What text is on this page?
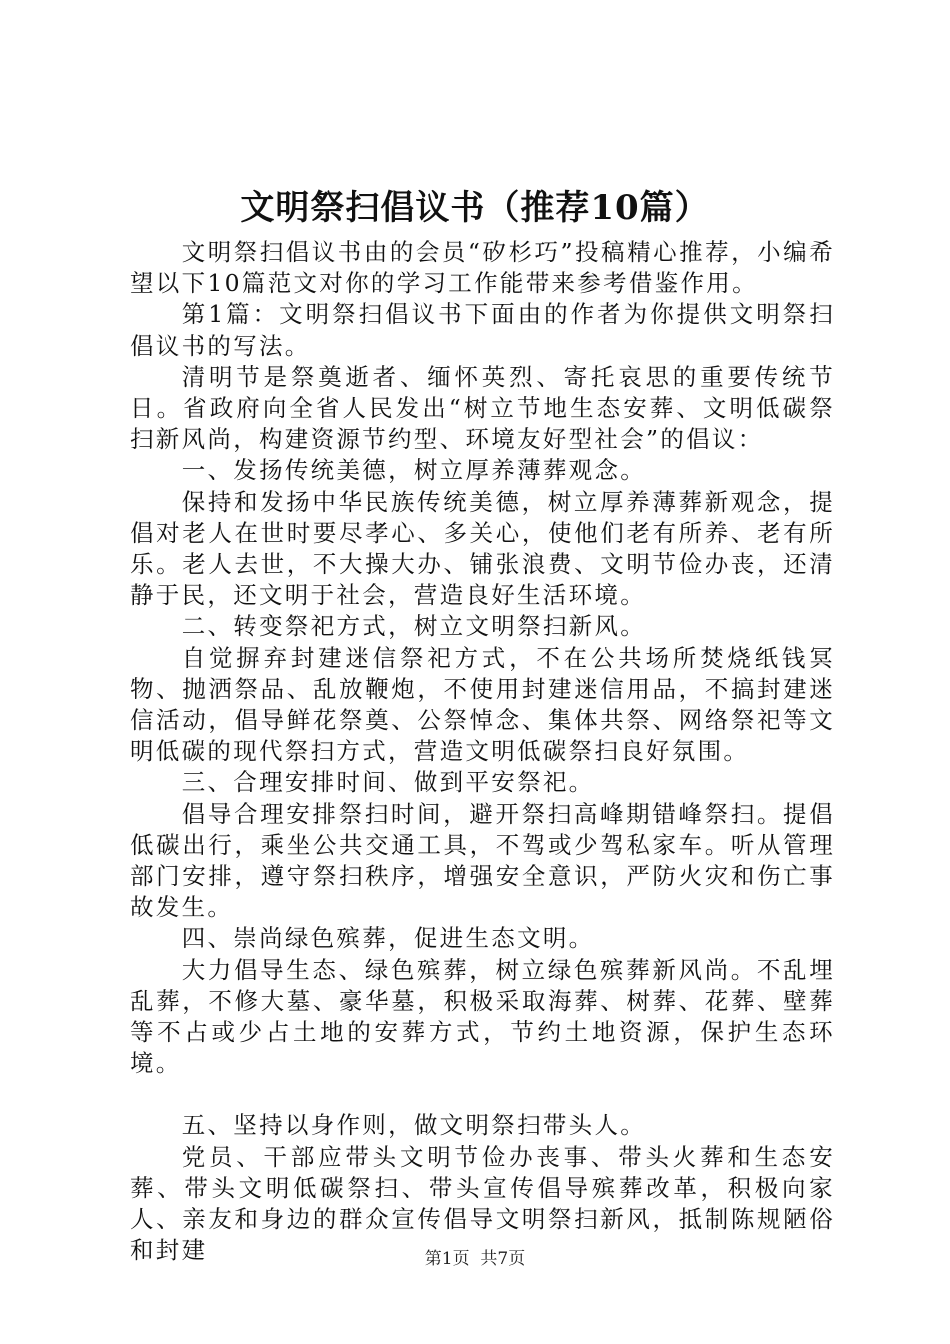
文明祭扫倡议书（推荐10篇）

文明祭扫倡议书由的会员“矽杉巧”投稿精心推荐，小编希望以下10篇范文对你的学习工作能带来参考借鉴作用。

第1篇：文明祭扫倡议书下面由的作者为你提供文明祭扫倡议书的写法。

清明节是祭奠逝者、缅怀英烈、寄托哀思的重要传统节日。省政府向全省人民发出“树立节地生态安葬、文明低碳祭扫新风尚，构建资源节约型、环境友好型社会”的倡议：

一、发扬传统美德，树立厚养薄葬观念。

保持和发扬中华民族传统美德，树立厚养薄葬新观念，提倡对老人在世时要尽孝心、多关心，使他们老有所养、老有所乐。老人去世，不大操大办、铺张浪费、文明节俭办丧，还清静于民，还文明于社会，营造良好生活环境。

二、转变祭祀方式，树立文明祭扫新风。

自觉摒弃封建迷信祭祀方式，不在公共场所焚烧纸钱冥物、抛洒祭品、乱放鞭炮，不使用封建迷信用品，不搞封建迷信活动，倡导鲜花祭奠、公祭悼念、集体共祭、网络祭祀等文明低碳的现代祭扫方式，营造文明低碳祭扫良好氛围。

三、合理安排时间、做到平安祭祀。

倡导合理安排祭扫时间，避开祭扫高峰期错峰祭扫。提倡低碳出行，乘坐公共交通工具，不驾或少驾私家车。听从管理部门安排，遵守祭扫秩序，增强安全意识，严防火灾和伤亡事故发生。

四、崇尚绿色殡葬，促进生态文明。

大力倡导生态、绿色殡葬，树立绿色殡葬新风尚。不乱埋乱葬，不修大墓、豪华墓，积极采取海葬、树葬、花葬、壁葬等不占或少占土地的安葬方式，节约土地资源，保护生态环境。

五、坚持以身作则，做文明祭扫带头人。

党员、干部应带头文明节俭办丧事、带头火葬和生态安葬、带头文明低碳祭扫、带头宣传倡导殡葬改革，积极向家人、亲友和身边的群众宣传倡导文明祭扫新风，抵制陈规陋俗和封建	第1页 共7页
